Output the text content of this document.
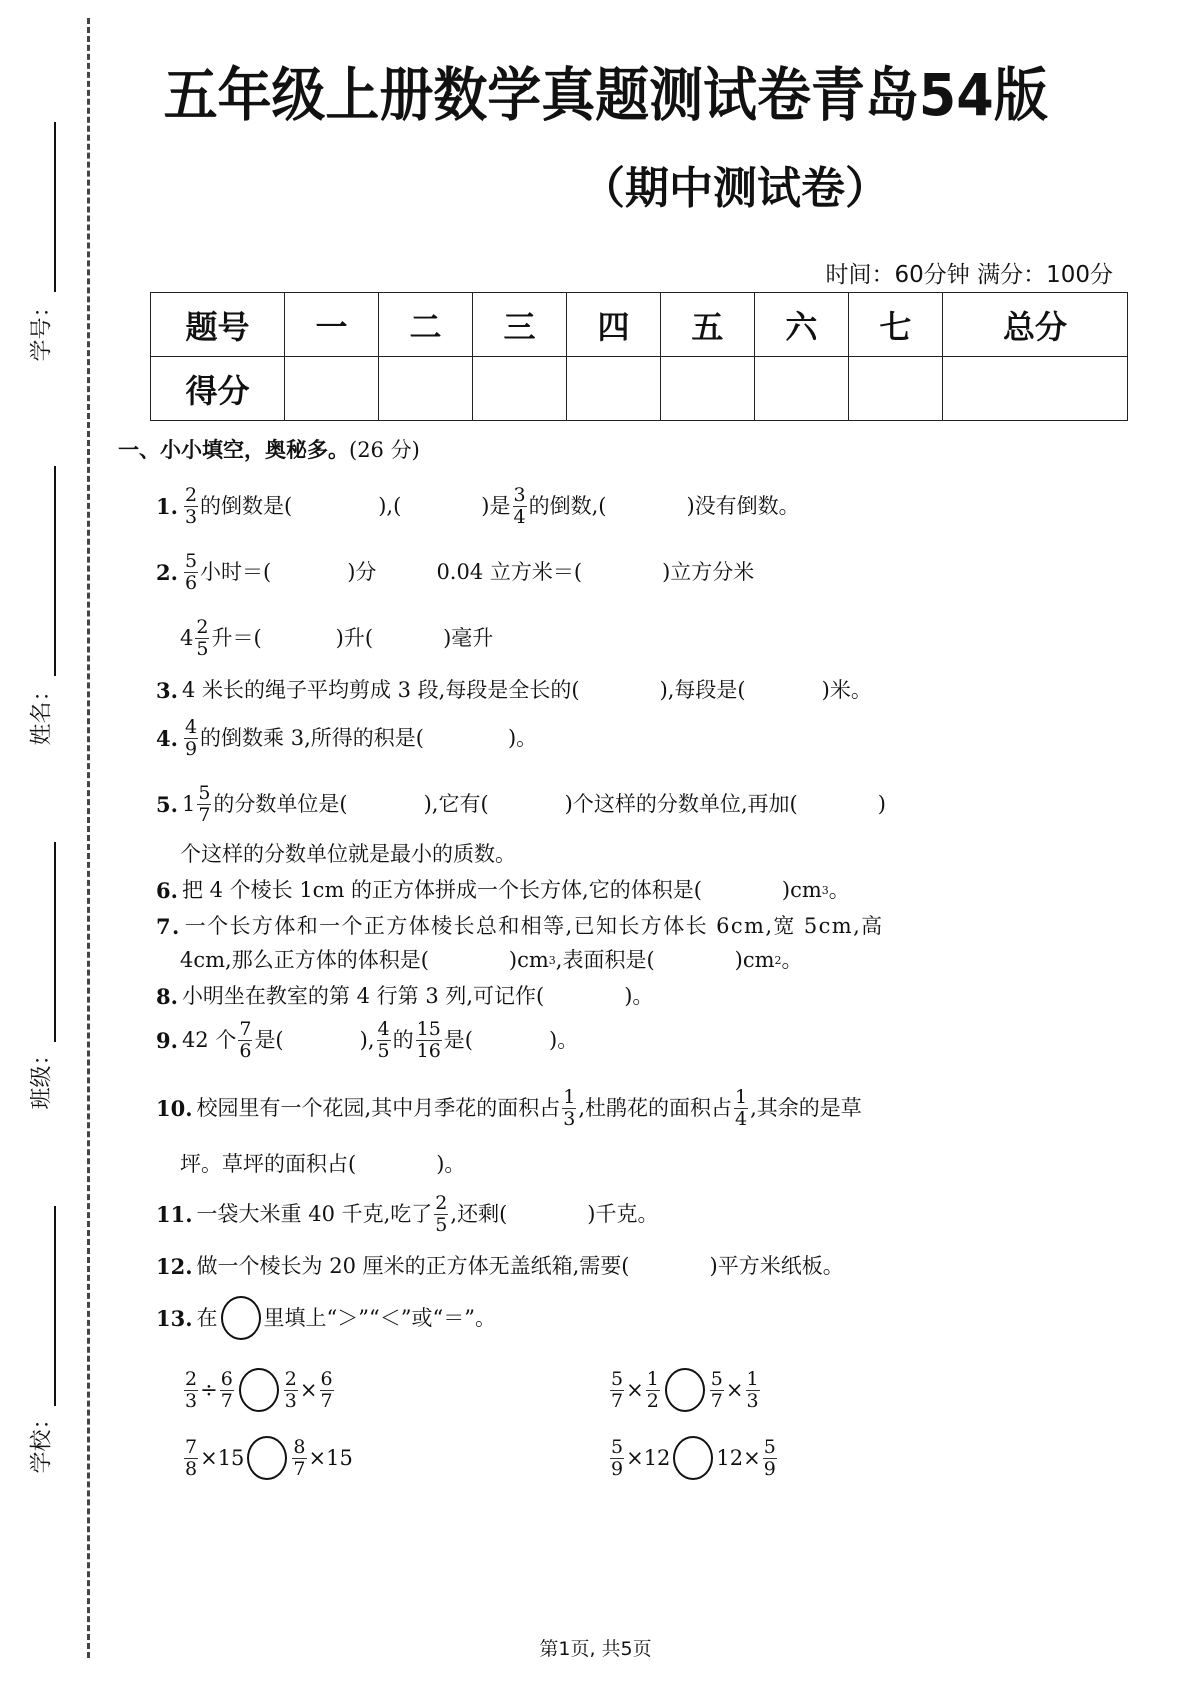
学号：
姓名：
班级：
学校：
五年级上册数学真题测试卷青岛54版
（期中测试卷）
时间：60分钟 满分：100分
题号	一	二	三	四	五	六	七	总分
得分								
一、小小填空，奥秘多。(26 分)
1. $\frac{2}{3}$ 的倒数是(	),(	)是 $\frac{3}{4}$ 的倒数,(	)没有倒数。
2. $\frac{5}{6}$ 小时＝(	)分	0.04 立方米＝(	)立方分米
$4 \frac{2}{5}$ 升＝(	)升(	)毫升
3. 4 米长的绳子平均剪成 3 段,每段是全长的(	),每段是(	)米。
4. $\frac{4}{9}$ 的倒数乘 3,所得的积是(	)。
5. $1 \frac{5}{7}$ 的分数单位是(	),它有(	)个这样的分数单位,再加(	)
个这样的分数单位就是最小的质数。
6. 把 4 个棱长 1cm 的正方体拼成一个长方体,它的体积是(	)cm 3 。
7. 一个长方体和一个正方体棱长总和相等,已知长方体长 6cm,宽 5cm,高
4cm,那么正方体的体积是(	)cm 3 ,表面积是(	)cm 2 。
8. 小明坐在教室的第 4 行第 3 列,可记作(	)。
9. 42 个 $\frac{7}{6}$ 是(	), $\frac{4}{5}$ 的 $\frac{15}{16}$ 是(	)。
10. 校园里有一个花园,其中月季花的面积占 $\frac{1}{3}$ ,杜鹃花的面积占 $\frac{1}{4}$ ,其余的是草
坪。草坪的面积占(	)。
11. 一袋大米重 40 千克,吃了 $\frac{2}{5}$ ,还剩(	)千克。
12. 做一个棱长为 20 厘米的正方体无盖纸箱,需要(	)平方米纸板。
13. 在 里填上“＞”“＜”或“＝”。
$\frac{2}{3} \div \frac{6}{7}$	$\frac{2}{3} \times \frac{6}{7}$	$\frac{5}{7} \times \frac{1}{2}$	$\frac{5}{7} \times \frac{1}{3}$
$\frac{7}{8} \times 15$	$\frac{8}{7} \times 15$	$\frac{5}{9} \times 12$ $12\times \frac{5}{9}$
第1页, 共5页
